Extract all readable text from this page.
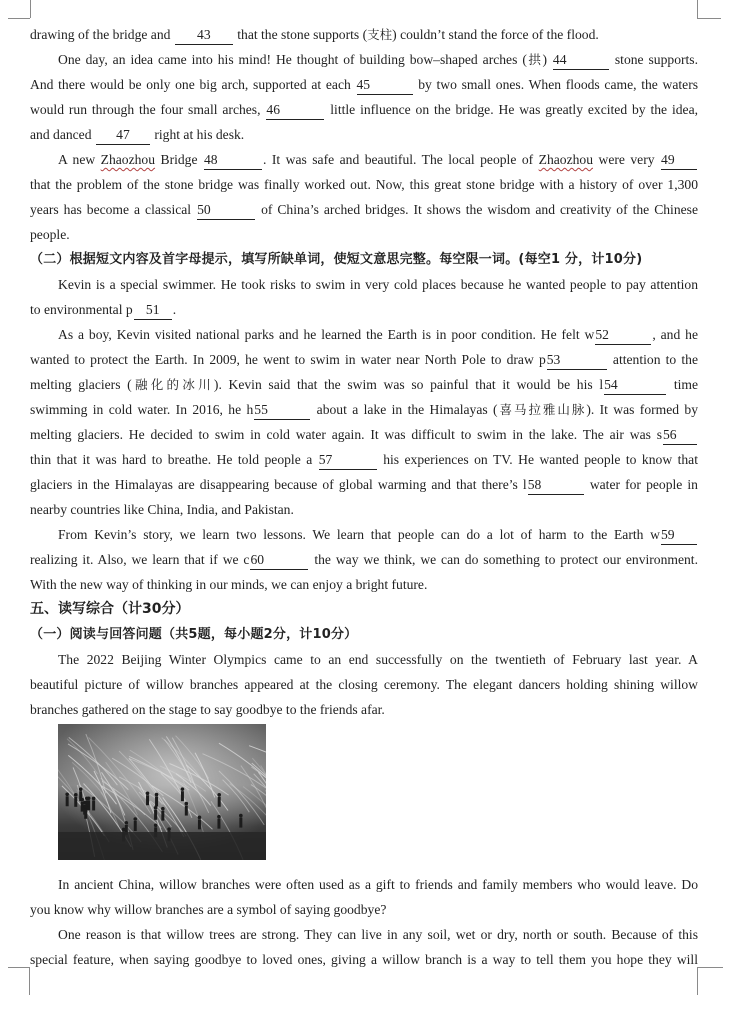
drawing of the bridge and 43 that the stone supports (支柱) couldn’t stand the force of the flood.
One day, an idea came into his mind! He thought of building bow–shaped arches (拱) 44	stone supports.
And there would be only one big arch, supported at each 45	by two small ones. When floods came, the waters
would run through the four small arches, 46	little influence on the bridge. He was greatly excited by the idea,
and danced 47 right at his desk.
A new Zhaozhou Bridge 48	. It was safe and beautiful. The local people of Zhaozhou were very 49
that the problem of the stone bridge was finally worked out. Now, this great stone bridge with a history of over 1,300
years has become a classical 50	of China’s arched bridges. It shows the wisdom and creativity of the Chinese
people.
（二）根据短文内容及首字母提示，填写所缺单词，使短文意思完整。每空限一词。(每空1 分，计10分)
Kevin is a special swimmer. He took risks to swim in very cold places because he wanted people to pay attention
to environmental p 51 .
As a boy, Kevin visited national parks and he learned the Earth is in poor condition. He felt w52	, and he
wanted to protect the Earth. In 2009, he went to swim in water near North Pole to draw p53	attention to the
melting glaciers (融化的冰川). Kevin said that the swim was so painful that it would be his l54	time
swimming in cold water. In 2016, he h55	about a lake in the Himalayas (喜马拉雅山脉). It was formed by
melting glaciers. He decided to swim in cold water again. It was difficult to swim in the lake. The air was s56
thin that it was hard to breathe. He told people a 57	his experiences on TV. He wanted people to know that
glaciers in the Himalayas are disappearing because of global warming and that there’s l58	water for people in
nearby countries like China, India, and Pakistan.
From Kevin’s story, we learn two lessons. We learn that people can do a lot of harm to the Earth w59
realizing it. Also, we learn that if we c60	the way we think, we can do something to protect our environment.
With the new way of thinking in our minds, we can enjoy a bright future.
五、读写综合（计30分）
（一）阅读与回答问题（共5题，每小题2分，计10分）
The 2022 Beijing Winter Olympics came to an end successfully on the twentieth of February last year. A
beautiful picture of willow branches appeared at the closing ceremony. The elegant dancers holding shining willow
branches gathered on the stage to say goodbye to the friends afar.
In ancient China, willow branches were often used as a gift to friends and family members who would leave. Do
you know why willow branches are a symbol of saying goodbye?
One reason is that willow trees are strong. They can live in any soil, wet or dry, north or south. Because of this
special feature, when saying goodbye to loved ones, giving a willow branch is a way to tell them you hope they will
